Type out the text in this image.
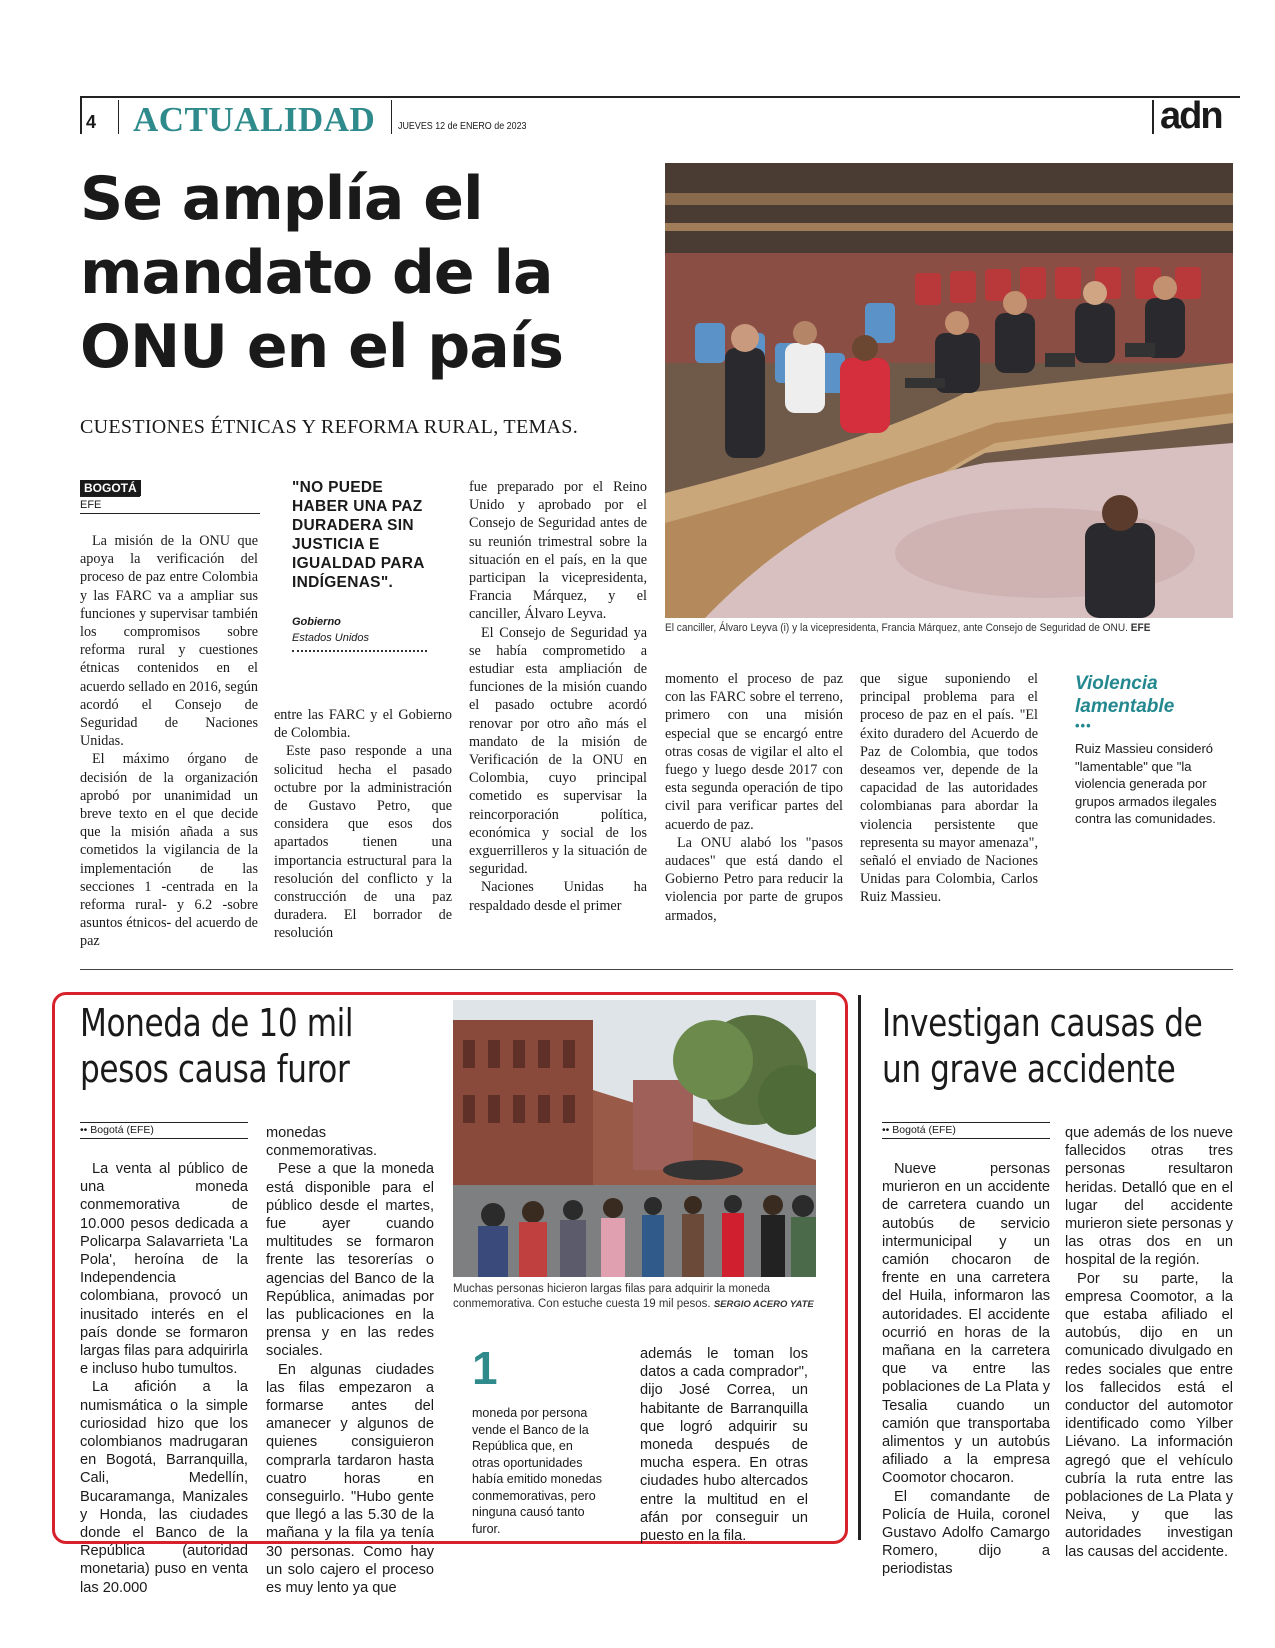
4 ACTUALIDAD JUEVES 12 de ENERO de 2023	adn
Se amplía el mandato de la ONU en el país
CUESTIONES ÉTNICAS Y REFORMA RURAL, TEMAS.
El canciller, Álvaro Leyva (i) y la vicepresidenta, Francia Márquez, ante Consejo de Seguridad de ONU. EFE
BOGOTÁ
EFE

La misión de la ONU que apoya la verificación del proceso de paz entre Colombia y las FARC va a ampliar sus funciones y supervisar también los compromisos sobre reforma rural y cuestiones étnicas contenidos en el acuerdo sellado en 2016, según acordó el Consejo de Seguridad de Naciones Unidas.

El máximo órgano de decisión de la organización aprobó por unanimidad un breve texto en el que decide que la misión añada a sus cometidos la vigilancia de la implementación de las secciones 1 -centrada en la reforma rural- y 6.2 -sobre asuntos étnicos- del acuerdo de paz

"NO PUEDE HABER UNA PAZ DURADERA SIN JUSTICIA E IGUALDAD PARA INDÍGENAS".
Gobierno
Estados Unidos

entre las FARC y el Gobierno de Colombia.

Este paso responde a una solicitud hecha el pasado octubre por la administración de Gustavo Petro, que considera que esos dos apartados tienen una importancia estructural para la resolución del conflicto y la construcción de una paz duradera. El borrador de resolución

fue preparado por el Reino Unido y aprobado por el Consejo de Seguridad antes de su reunión trimestral sobre la situación en el país, en la que participan la vicepresidenta, Francia Márquez, y el canciller, Álvaro Leyva.

El Consejo de Seguridad ya se había comprometido a estudiar esta ampliación de funciones de la misión cuando el pasado octubre acordó renovar por otro año más el mandato de la misión de Verificación de la ONU en Colombia, cuyo principal cometido es supervisar la reincorporación política, económica y social de los exguerrilleros y la situación de seguridad.

Naciones Unidas ha respaldado desde el primer

momento el proceso de paz con las FARC sobre el terreno, primero con una misión especial que se encargó entre otras cosas de vigilar el alto el fuego y luego desde 2017 con esta segunda operación de tipo civil para verificar partes del acuerdo de paz.

La ONU alabó los "pasos audaces" que está dando el Gobierno Petro para reducir la violencia por parte de grupos armados,

que sigue suponiendo el principal problema para el proceso de paz en el país. "El éxito duradero del Acuerdo de Paz de Colombia, que todos deseamos ver, depende de la capacidad de las autoridades colombianas para abordar la violencia persistente que representa su mayor amenaza", señaló el enviado de Naciones Unidas para Colombia, Carlos Ruiz Massieu.

Violencia lamentable
•••
Ruiz Massieu consideró "lamentable" que "la violencia generada por grupos armados ilegales contra las comunidades.
Moneda de 10 mil pesos causa furor
•• Bogotá (EFE)

La venta al público de una moneda conmemorativa de 10.000 pesos dedicada a Policarpa Salavarrieta 'La Pola', heroína de la Independencia colombiana, provocó un inusitado interés en el país donde se formaron largas filas para adquirirla e incluso hubo tumultos.

La afición a la numismática o la simple curiosidad hizo que los colombianos madrugaran en Bogotá, Barranquilla, Cali, Medellín, Bucaramanga, Manizales y Honda, las ciudades donde el Banco de la República (autoridad monetaria) puso en venta las 20.000

monedas conmemorativas.

Pese a que la moneda está disponible para el público desde el martes, fue ayer cuando multitudes se formaron frente las tesorerías o agencias del Banco de la República, animadas por las publicaciones en la prensa y en las redes sociales.

En algunas ciudades las filas empezaron a formarse antes del amanecer y algunos de quienes consiguieron comprarla tardaron hasta cuatro horas en conseguirlo. "Hubo gente que llegó a las 5.30 de la mañana y la fila ya tenía 30 personas. Como hay un solo cajero el proceso es muy lento ya que

Muchas personas hicieron largas filas para adquirir la moneda conmemorativa. Con estuche cuesta 19 mil pesos. SERGIO ACERO YATE
1
moneda por persona vende el Banco de la República que, en otras oportunidades había emitido monedas conmemorativas, pero ninguna causó tanto furor.

además le toman los datos a cada comprador", dijo José Correa, un habitante de Barranquilla que logró adquirir su moneda después de mucha espera. En otras ciudades hubo altercados entre la multitud en el afán por conseguir un puesto en la fila.

Investigan causas de un grave accidente
•• Bogotá (EFE)

Nueve personas murieron en un accidente de carretera cuando un autobús de servicio intermunicipal y un camión chocaron de frente en una carretera del Huila, informaron las autoridades. El accidente ocurrió en horas de la mañana en la carretera que va entre las poblaciones de La Plata y Tesalia cuando un camión que transportaba alimentos y un autobús afiliado a la empresa Coomotor chocaron.

El comandante de Policía de Huila, coronel Gustavo Adolfo Camargo Romero, dijo a periodistas

que además de los nueve fallecidos otras tres personas resultaron heridas. Detalló que en el lugar del accidente murieron siete personas y las otras dos en un hospital de la región.

Por su parte, la empresa Coomotor, a la que estaba afiliado el autobús, dijo en un comunicado divulgado en redes sociales que entre los fallecidos está el conductor del automotor identificado como Yilber Liévano. La información agregó que el vehículo cubría la ruta entre las poblaciones de La Plata y Neiva, y que las autoridades investigan las causas del accidente.
